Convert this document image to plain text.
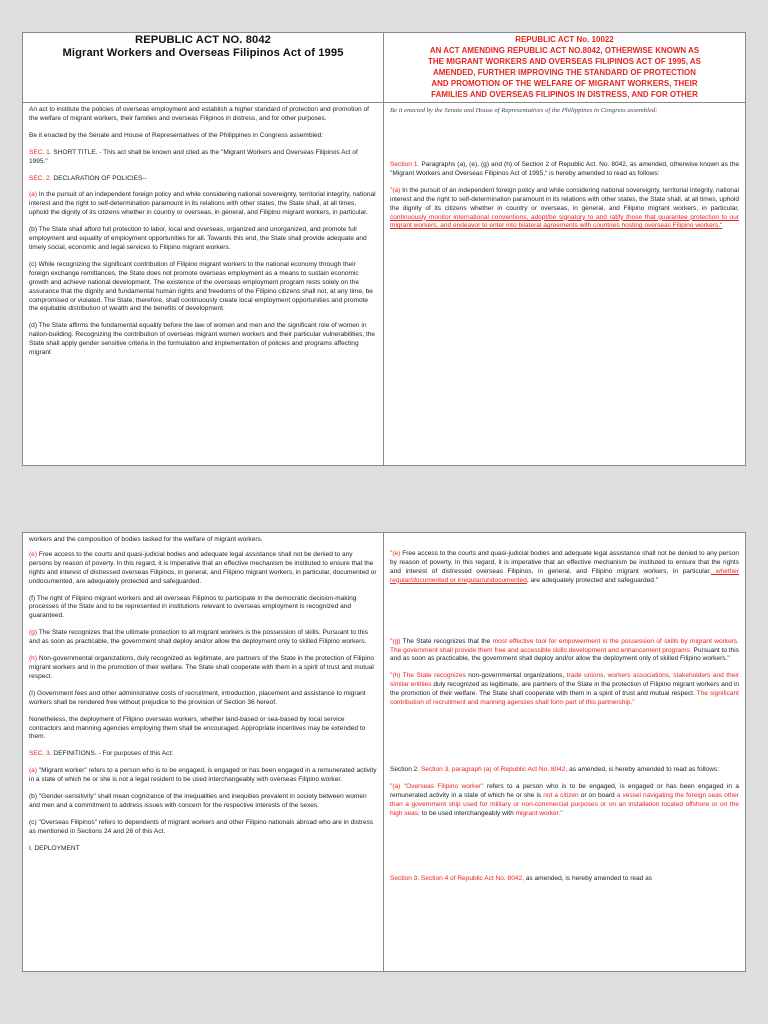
REPUBLIC ACT NO. 8042
Migrant Workers and Overseas Filipinos Act of 1995
REPUBLIC ACT No. 10022
AN ACT AMENDING REPUBLIC ACT NO.8042, OTHERWISE KNOWN AS
THE MIGRANT WORKERS AND OVERSEAS FILIPINOS ACT OF 1995, AS
AMENDED, FURTHER IMPROVING THE STANDARD OF PROTECTION
AND PROMOTION OF THE WELFARE OF MIGRANT WORKERS, THEIR
FAMILIES AND OVERSEAS FILIPINOS IN DISTRESS, AND FOR OTHER

An act to institute the policies of overseas employment and establish a higher standard of protection and promotion of the welfare of migrant workers, their families and overseas Filipinos in distress, and for other purposes.

Be it enacted by the Senate and House of Representatives of the Philippines in Congress assembled:

SEC. 1. SHORT TITLE. - This act shall be known and cited as the "Migrant Workers and Overseas Filipinos Act of 1995."

SEC. 2. DECLARATION OF POLICIES--

(a) In the pursuit of an independent foreign policy and while considering national sovereignty, territorial integrity, national interest and the right to self-determination paramount in its relations with other states, the State shall, at all times, uphold the dignity of its citizens whether in country or overseas, in general, and Filipino migrant workers, in particular.

(b) The State shall afford full protection to labor, local and overseas, organized and unorganized, and promote full employment and equality of employment opportunities for all. Towards this end, the State shall provide adequate and timely social, economic and legal services to Filipino migrant workers.

(c) While recognizing the significant contribution of Filipino migrant workers to the national economy through their foreign exchange remittances, the State does not promote overseas employment as a means to sustain economic growth and achieve national development. The existence of the overseas employment program rests solely on the assurance that the dignity and fundamental human rights and freedoms of the Filipino citizens shall not, at any time, be compromised or violated. The State, therefore, shall continuously create local employment opportunities and promote the equitable distribution of wealth and the benefits of development.

(d) The State affirms the fundamental equality before the law of women and men and the significant role of women in nation-building. Recognizing the contribution of overseas migrant women workers and their particular vulnerabilities, the State shall apply gender sensitive criteria in the formulation and implementation of policies and programs affecting migrant

Be it enacted by the Senate and House of Representatives of the Philippines in Congress assembled:

Section 1. Paragraphs (a), (e), (g) and (h) of Section 2 of Republic Act. No. 8042, as amended, otherwise known as the "Migrant Workers and Overseas Filipinos Act of 1995," is hereby amended to read as follows:

"(a) In the pursuit of an independent foreign policy and while considering national sovereignty, territorial integrity, national interest and the right to self-determination paramount in its relations with other states, the State shall, at all times, uphold the dignity of its citizens whether in country or overseas, in general, and Filipino migrant workers, in particular, continuously monitor international conventions, adopt/be signatory to and ratify those that guarantee protection to our migrant workers, and endeavor to enter into bilateral agreements with countries hosting overseas Filipino workers."

workers and the composition of bodies tasked for the welfare of migrant workers.

(e) Free access to the courts and quasi-judicial bodies and adequate legal assistance shall not be denied to any persons by reason of poverty. In this regard, it is imperative that an effective mechanism be instituted to ensure that the rights and interest of distressed overseas Filipinos, in general, and Filipino migrant workers, in particular, documented or undocumented, are adequately protected and safeguarded.

(f) The right of Filipino migrant workers and all overseas Filipinos to participate in the democratic decision-making processes of the State and to be represented in institutions relevant to overseas employment is recognized and guaranteed.

(g) The State recognizes that the ultimate protection to all migrant workers is the possession of skills. Pursuant to this and as soon as practicable, the government shall deploy and/or allow the deployment only to skilled Filipino workers.

(h) Non-governmental organizations, duly recognized as legitimate, are partners of the State in the protection of Filipino migrant workers and in the promotion of their welfare. The State shall cooperate with them in a spirit of trust and mutual respect.

(I) Government fees and other administrative costs of recruitment, introduction, placement and assistance to migrant workers shall be rendered free without prejudice to the provision of Section 36 hereof.

Nonetheless, the deployment of Filipino overseas workers, whether land-based or sea-based by local service contractors and manning agencies employing them shall be encouraged. Appropriate incentives may be extended to them.

SEC. 3. DEFINITIONS. - For purposes of this Act:

(a) "Migrant worker" refers to a person who is to be engaged, is engaged or has been engaged in a remunerated activity in a state of which he or she is not a legal resident to be used interchangeably with overseas Filipino worker.

(b) "Gender-sensitivity" shall mean cognizance of the inequalities and inequities prevalent in society between women and men and a commitment to address issues with concern for the respective interests of the sexes.

(c) "Overseas Filipinos" refers to dependents of migrant workers and other Filipino nationals abroad who are in distress as mentioned in Sections 24 and 26 of this Act.

I. DEPLOYMENT

"(e) Free access to the courts and quasi-judicial bodies and adequate legal assistance shall not be denied to any person by reason of poverty. In this regard, it is imperative that an effective mechanism be instituted to ensure that the rights and interest of distressed overseas Filipinos, in general, and Filipino migrant workers, in particular, whether regular/documented or irregular/undocumented, are adequately protected and safeguarded."

"(g) The State recognizes that the most effective tool for empowerment is the possession of skills by migrant workers. The government shall provide them free and accessible skills development and enhancement programs. Pursuant to this and as soon as practicable, the government shall deploy and/or allow the deployment only of skilled Filipino workers."

"(h) The State recognizes non-governmental organizations, trade unions, workers associations, stakeholders and their similar entities duly recognized as legitimate, are partners of the State in the protection of Filipino migrant workers and in the promotion of their welfare. The State shall cooperate with them in a spirit of trust and mutual respect. The significant contribution of recruitment and manning agencies shall form part of this partnership."

Section 2. Section 3, paragraph (a) of Republic Act No. 8042, as amended, is hereby amended to read as follows:

"(a) "Overseas Filipino worker" refers to a person who is to be engaged, is engaged or has been engaged in a remunerated activity in a state of which he or she is not a citizen or on board a vessel navigating the foreign seas other than a government ship used for military or non-commercial purposes or on an installation located offshore or on the high seas; to be used interchangeably with migrant worker."

Section 3. Section 4 of Republic Act No. 8042, as amended, is hereby amended to read as
